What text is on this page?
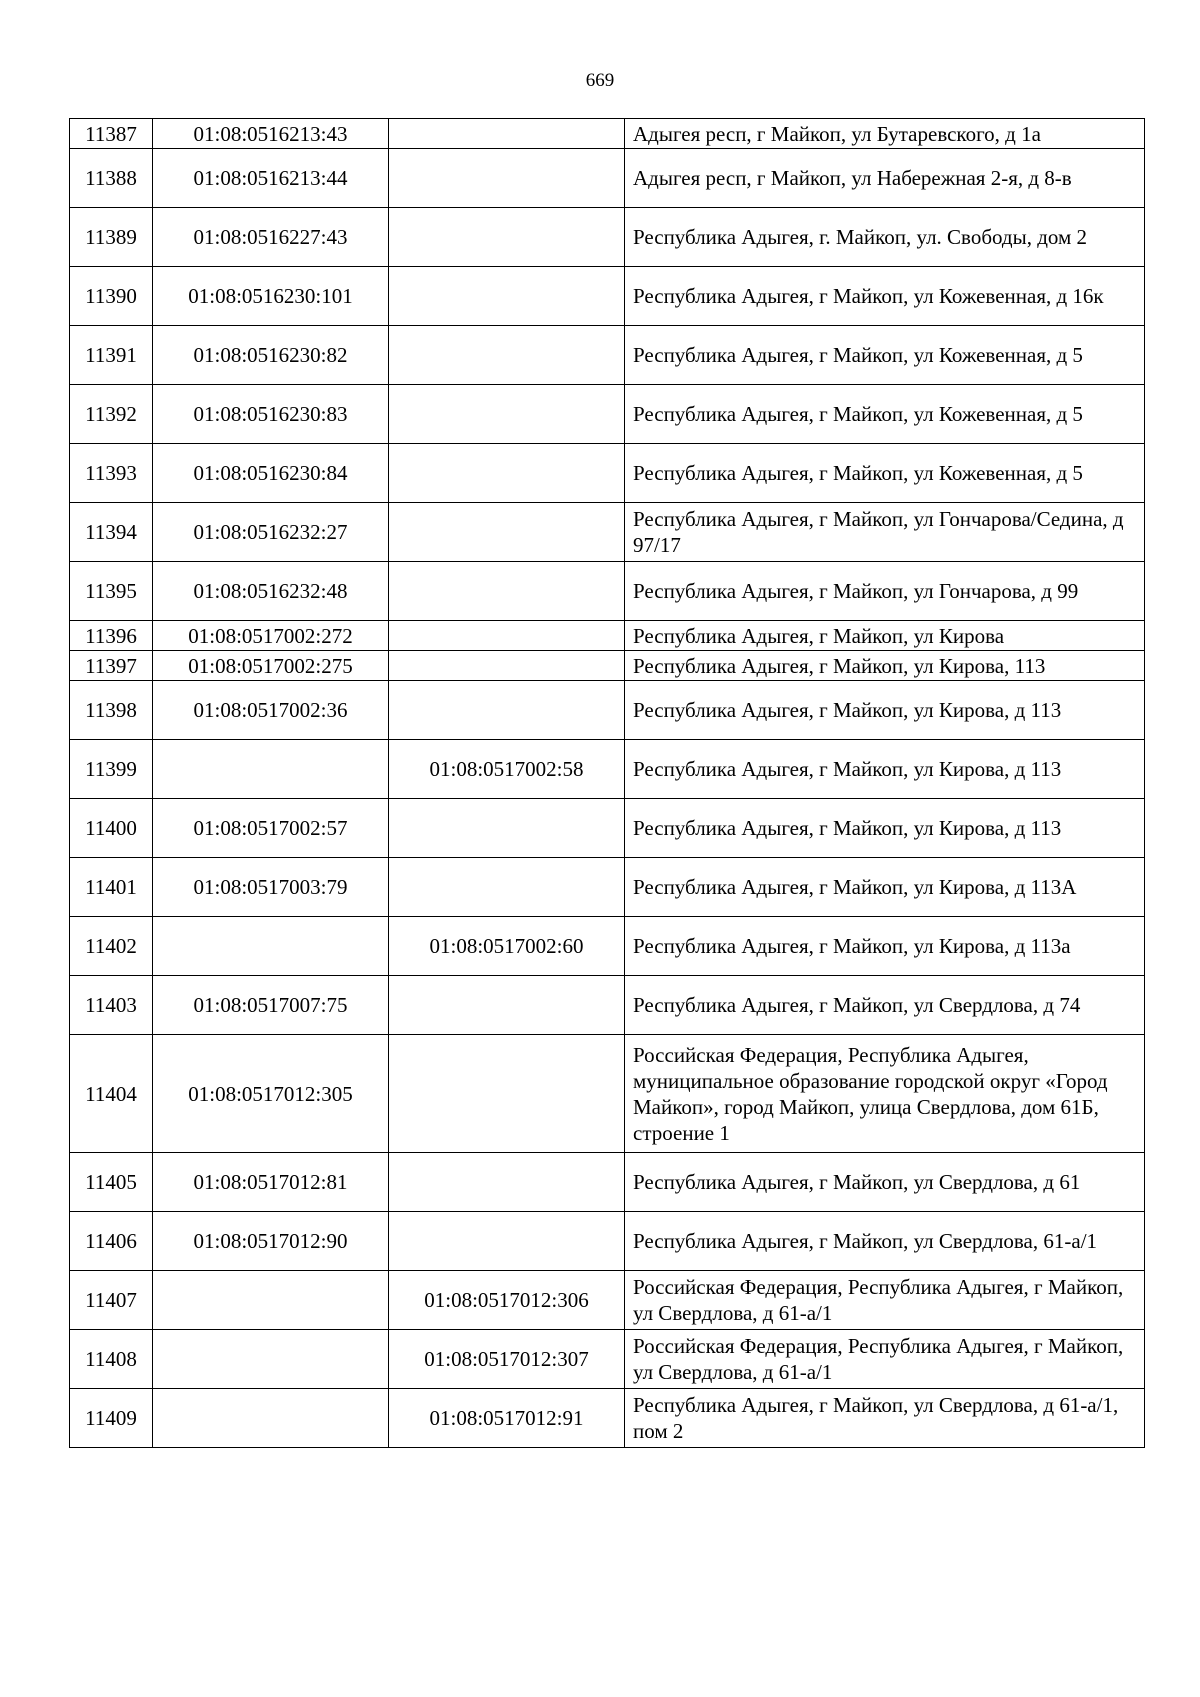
669
11387	01:08:0516213:43		Адыгея респ, г Майкоп, ул Бутаревского, д 1а
11388	01:08:0516213:44		Адыгея респ, г Майкоп, ул Набережная 2-я, д 8-в
11389	01:08:0516227:43		Республика Адыгея, г. Майкоп, ул. Свободы, дом 2
11390	01:08:0516230:101		Республика Адыгея, г Майкоп, ул Кожевенная, д 16к
11391	01:08:0516230:82		Республика Адыгея, г Майкоп, ул Кожевенная, д 5
11392	01:08:0516230:83		Республика Адыгея, г Майкоп, ул Кожевенная, д 5
11393	01:08:0516230:84		Республика Адыгея, г Майкоп, ул Кожевенная, д 5
11394	01:08:0516232:27		Республика Адыгея, г Майкоп, ул Гончарова/Седина, д 97/17
11395	01:08:0516232:48		Республика Адыгея, г Майкоп, ул Гончарова, д 99
11396	01:08:0517002:272		Республика Адыгея, г Майкоп, ул Кирова
11397	01:08:0517002:275		Республика Адыгея, г Майкоп, ул Кирова, 113
11398	01:08:0517002:36		Республика Адыгея, г Майкоп, ул Кирова, д 113
11399		01:08:0517002:58	Республика Адыгея, г Майкоп, ул Кирова, д 113
11400	01:08:0517002:57		Республика Адыгея, г Майкоп, ул Кирова, д 113
11401	01:08:0517003:79		Республика Адыгея, г Майкоп, ул Кирова, д 113А
11402		01:08:0517002:60	Республика Адыгея, г Майкоп, ул Кирова, д 113а
11403	01:08:0517007:75		Республика Адыгея, г Майкоп, ул Свердлова, д 74
11404	01:08:0517012:305		Российская Федерация, Республика Адыгея, муниципальное образование городской округ «Город Майкоп», город Майкоп, улица Свердлова, дом 61Б, строение 1
11405	01:08:0517012:81		Республика Адыгея, г Майкоп, ул Свердлова, д 61
11406	01:08:0517012:90		Республика Адыгея, г Майкоп, ул Свердлова, 61-а/1
11407		01:08:0517012:306	Российская Федерация, Республика Адыгея, г Майкоп, ул Свердлова, д 61-а/1
11408		01:08:0517012:307	Российская Федерация, Республика Адыгея, г Майкоп, ул Свердлова, д 61-а/1
11409		01:08:0517012:91	Республика Адыгея, г Майкоп, ул Свердлова, д 61-а/1, пом 2
